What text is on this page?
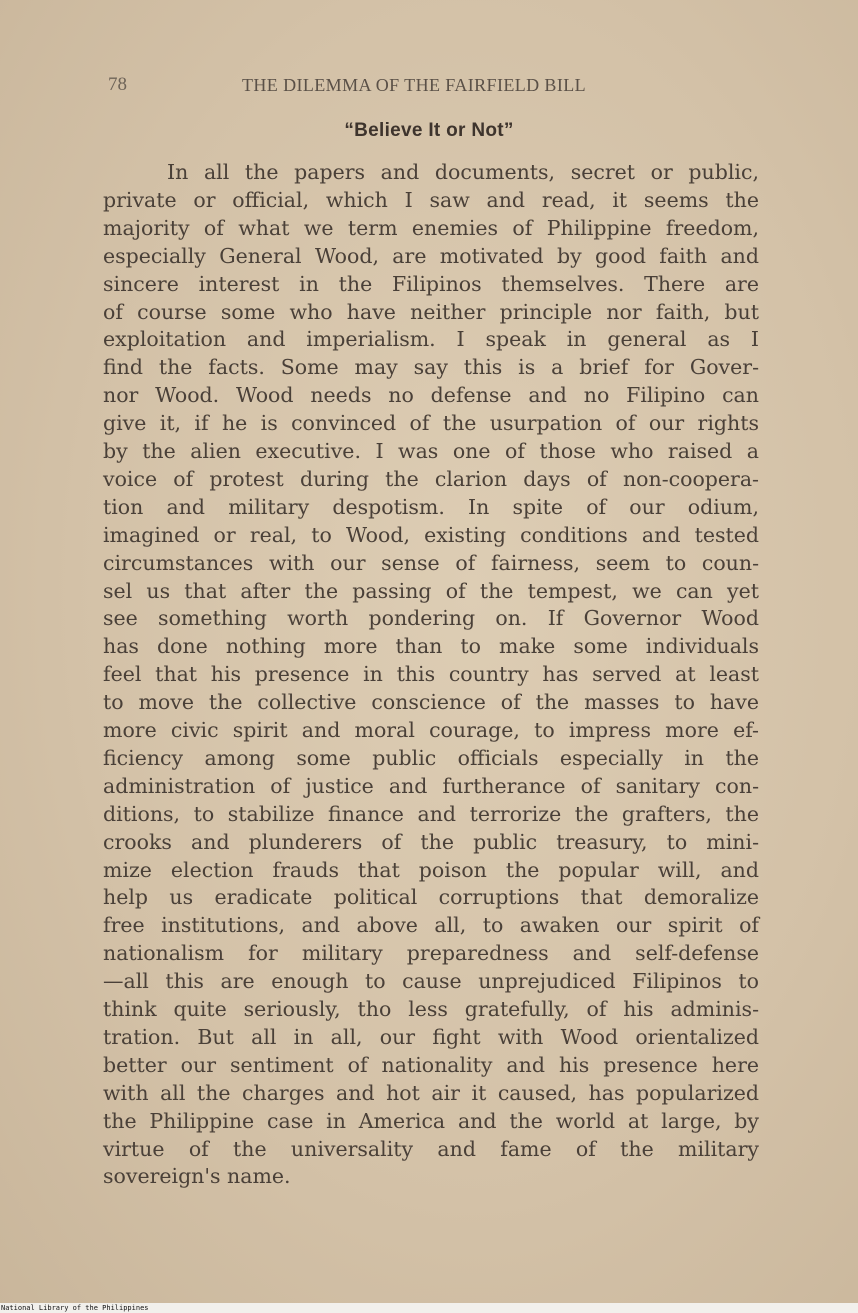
78	THE DILEMMA OF THE FAIRFIELD BILL
“Believe It or Not”
In all the papers and documents, secret or public,
private or official, which I saw and read, it seems the
majority of what we term enemies of Philippine freedom,
especially General Wood, are motivated by good faith and
sincere interest in the Filipinos themselves. There are
of course some who have neither principle nor faith, but
exploitation and imperialism. I speak in general as I
find the facts. Some may say this is a brief for Gover-
nor Wood. Wood needs no defense and no Filipino can
give it, if he is convinced of the usurpation of our rights
by the alien executive. I was one of those who raised a
voice of protest during the clarion days of non-coopera-
tion and military despotism. In spite of our odium,
imagined or real, to Wood, existing conditions and tested
circumstances with our sense of fairness, seem to coun-
sel us that after the passing of the tempest, we can yet
see something worth pondering on. If Governor Wood
has done nothing more than to make some individuals
feel that his presence in this country has served at least
to move the collective conscience of the masses to have
more civic spirit and moral courage, to impress more ef-
ficiency among some public officials especially in the
administration of justice and furtherance of sanitary con-
ditions, to stabilize finance and terrorize the grafters, the
crooks and plunderers of the public treasury, to mini-
mize election frauds that poison the popular will, and
help us eradicate political corruptions that demoralize
free institutions, and above all, to awaken our spirit of
nationalism for military preparedness and self-defense
—all this are enough to cause unprejudiced Filipinos to
think quite seriously, tho less gratefully, of his adminis-
tration. But all in all, our fight with Wood orientalized
better our sentiment of nationality and his presence here
with all the charges and hot air it caused, has popularized
the Philippine case in America and the world at large, by
virtue of the universality and fame of the military
sovereign's name.
National Library of the Philippines
